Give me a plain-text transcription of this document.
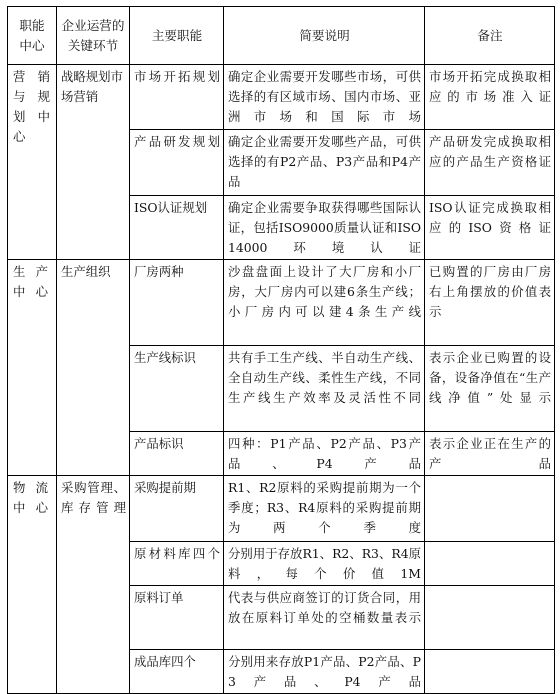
职能中心	企业运营的关键环节	主要职能	简要说明	备注
营销与规划中心	战略规划市场营销	市场开拓规划	确定企业需要开发哪些市场，可供选择的有区域市场、国内市场、亚洲市场和国际市场	市场开拓完成换取相应的市场准入证
		产品研发规划	确定企业需要开发哪些产品，可供选择的有P2产品、P3产品和P4产品	产品研发完成换取相应的产品生产资格证
		ISO认证规划	确定企业需要争取获得哪些国际认证，包括ISO9000质量认证和ISO14000环境认证	ISO认证完成换取相应的ISO资格证
生产中心	生产组织	厂房两种	沙盘盘面上设计了大厂房和小厂房，大厂房内可以建6条生产线；小厂房内可以建4条生产线	已购置的厂房由厂房右上角摆放的价值表示
		生产线标识	共有手工生产线、半自动生产线、全自动生产线、柔性生产线，不同生产线生产效率及灵活性不同	表示企业已购置的设备，设备净值在“生产线净值”处显示
		产品标识	四种：P1产品、P2产品、P3产品、P4产品	表示企业正在生产的产品
物流中心	采购管理、库存管理	采购提前期	R1、R2原料的采购提前期为一个季度；R3、R4原料的采购提前期为两个季度	
		原材料库四个	分别用于存放R1、R2、R3、R4原料，每个价值1M	
		原料订单	代表与供应商签订的订货合同，用放在原料订单处的空桶数量表示	
		成品库四个	分别用来存放P1产品、P2产品、P3产品、P4产品	
